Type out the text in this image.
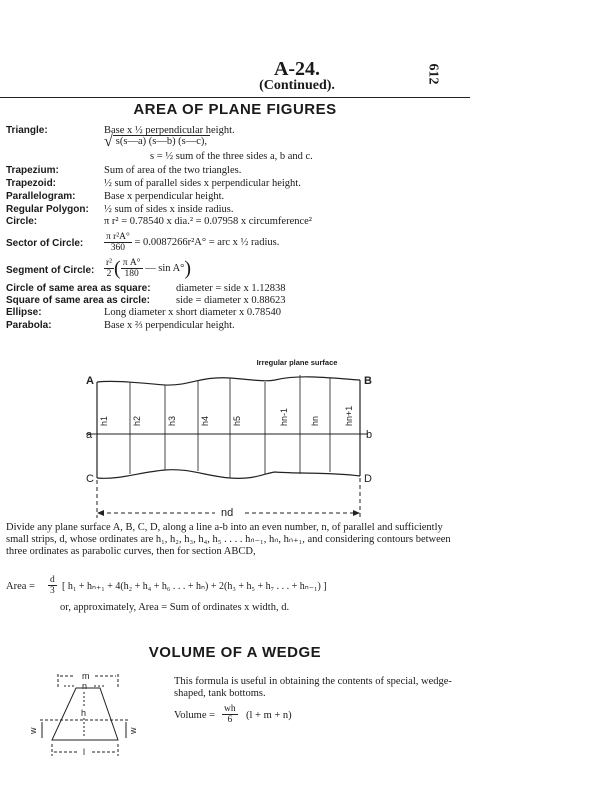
A-24.
(Continued).
612
AREA OF PLANE FIGURES
Triangle:	Base x ½ perpendicular height.
√ s(s—a) (s—b) (s—c),
s = ½ sum of the three sides a, b and c.
Trapezium:	Sum of area of the two triangles.
Trapezoid:	½ sum of parallel sides x perpendicular height.
Parallelogram:	Base x perpendicular height.
Regular Polygon: ½ sum of sides x inside radius.
Circle:	π r² = 0.78540 x dia.² = 0.07958 x circumference²
Sector of Circle: $\frac{\text{π r²A°}}{360} = 0.0087266r^2A^\circ$ = arc x ½ radius.
Segment of Circle: $\frac{\text{r²}}{2}$ ( $\frac{\text{π A°}}{180}$ — sin A°)
Circle of same area as square: diameter = side x 1.12838
Square of same area as circle: side = diameter x 0.88623
Ellipse:	Long diameter x short diameter x 0.78540
Parabola:	Base x ⅔ perpendicular height.
Irregular plane surface
A	B
C	D
a	b
nd
h1	h2	h3	h4 h5	hn-1 hn	hn+1
Divide any plane surface A, B, C, D, along a line a-b into an even number, n, of parallel and sufficiently small strips, d, whose ordinates are h₁, h₂, h₃, h₄, h₅ . . . . hₙ₋₁, hₙ, hₙ₊₁, and considering contours between three ordinates as parabolic curves, then for section ABCD,
Area = $\frac{d}{3}$ [ h₁ + hₙ₊₁ + 4(h₂ + h₄ + h₆ . . . + hₙ) + 2(h₃ + h₅ + h₇ . . . + hₙ₋₁) ]
or, approximately, Area = Sum of ordinates x width, d.
VOLUME OF A WEDGE
m
n
h
l
w	w
This formula is useful in obtaining the contents of special, wedge-shaped, tank bottoms.
Volume = $\frac{wh}{6} (l + m + n)$
